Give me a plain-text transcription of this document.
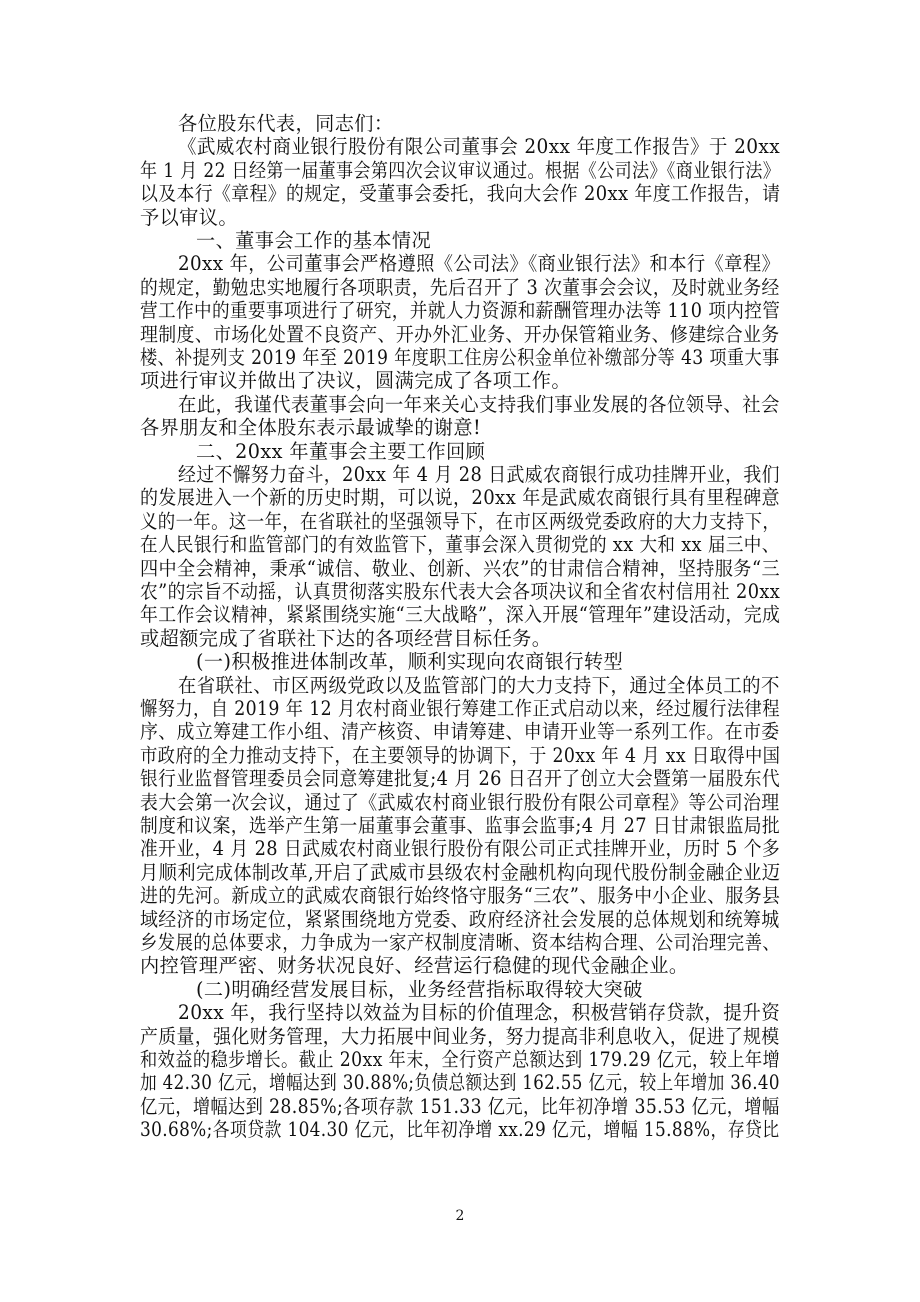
各位股东代表，同志们：
《武威农村商业银行股份有限公司董事会 20xx 年度工作报告》于 20xx
年 1 月 22 日经第一届董事会第四次会议审议通过。根据《公司法》《商业银行法》
以及本行《章程》的规定，受董事会委托，我向大会作 20xx 年度工作报告，请
予以审议。
一、董事会工作的基本情况
20xx 年，公司董事会严格遵照《公司法》《商业银行法》和本行《章程》
的规定，勤勉忠实地履行各项职责，先后召开了 3 次董事会会议，及时就业务经
营工作中的重要事项进行了研究，并就人力资源和薪酬管理办法等 110 项内控管
理制度、市场化处置不良资产、开办外汇业务、开办保管箱业务、修建综合业务
楼、补提列支 2019 年至 2019 年度职工住房公积金单位补缴部分等 43 项重大事
项进行审议并做出了决议，圆满完成了各项工作。
在此，我谨代表董事会向一年来关心支持我们事业发展的各位领导、社会
各界朋友和全体股东表示最诚挚的谢意!
二、20xx 年董事会主要工作回顾
经过不懈努力奋斗，20xx 年 4 月 28 日武威农商银行成功挂牌开业，我们
的发展进入一个新的历史时期，可以说，20xx 年是武威农商银行具有里程碑意
义的一年。这一年，在省联社的坚强领导下，在市区两级党委政府的大力支持下，
在人民银行和监管部门的有效监管下，董事会深入贯彻党的 xx 大和 xx 届三中、
四中全会精神，秉承“诚信、敬业、创新、兴农”的甘肃信合精神，坚持服务“三
农”的宗旨不动摇，认真贯彻落实股东代表大会各项决议和全省农村信用社 20xx
年工作会议精神，紧紧围绕实施“三大战略”，深入开展“管理年”建设活动，完成
或超额完成了省联社下达的各项经营目标任务。
(一)积极推进体制改革，顺利实现向农商银行转型
在省联社、市区两级党政以及监管部门的大力支持下，通过全体员工的不
懈努力，自 2019 年 12 月农村商业银行筹建工作正式启动以来，经过履行法律程
序、成立筹建工作小组、清产核资、申请筹建、申请开业等一系列工作。在市委
市政府的全力推动支持下，在主要领导的协调下，于 20xx 年 4 月 xx 日取得中国
银行业监督管理委员会同意筹建批复;4 月 26 日召开了创立大会暨第一届股东代
表大会第一次会议，通过了《武威农村商业银行股份有限公司章程》等公司治理
制度和议案，选举产生第一届董事会董事、监事会监事;4 月 27 日甘肃银监局批
准开业，4 月 28 日武威农村商业银行股份有限公司正式挂牌开业，历时 5 个多
月顺利完成体制改革,开启了武威市县级农村金融机构向现代股份制金融企业迈
进的先河。新成立的武威农商银行始终恪守服务“三农”、服务中小企业、服务县
域经济的市场定位，紧紧围绕地方党委、政府经济社会发展的总体规划和统筹城
乡发展的总体要求，力争成为一家产权制度清晰、资本结构合理、公司治理完善、
内控管理严密、财务状况良好、经营运行稳健的现代金融企业。
(二)明确经营发展目标，业务经营指标取得较大突破
20xx 年，我行坚持以效益为目标的价值理念，积极营销存贷款，提升资
产质量，强化财务管理，大力拓展中间业务，努力提高非利息收入，促进了规模
和效益的稳步增长。截止 20xx 年末，全行资产总额达到 179.29 亿元，较上年增
加 42.30 亿元，增幅达到 30.88%;负债总额达到 162.55 亿元，较上年增加 36.40
亿元，增幅达到 28.85%;各项存款 151.33 亿元，比年初净增 35.53 亿元，增幅
30.68%;各项贷款 104.30 亿元，比年初净增 xx.29 亿元，增幅 15.88%，存贷比
2
